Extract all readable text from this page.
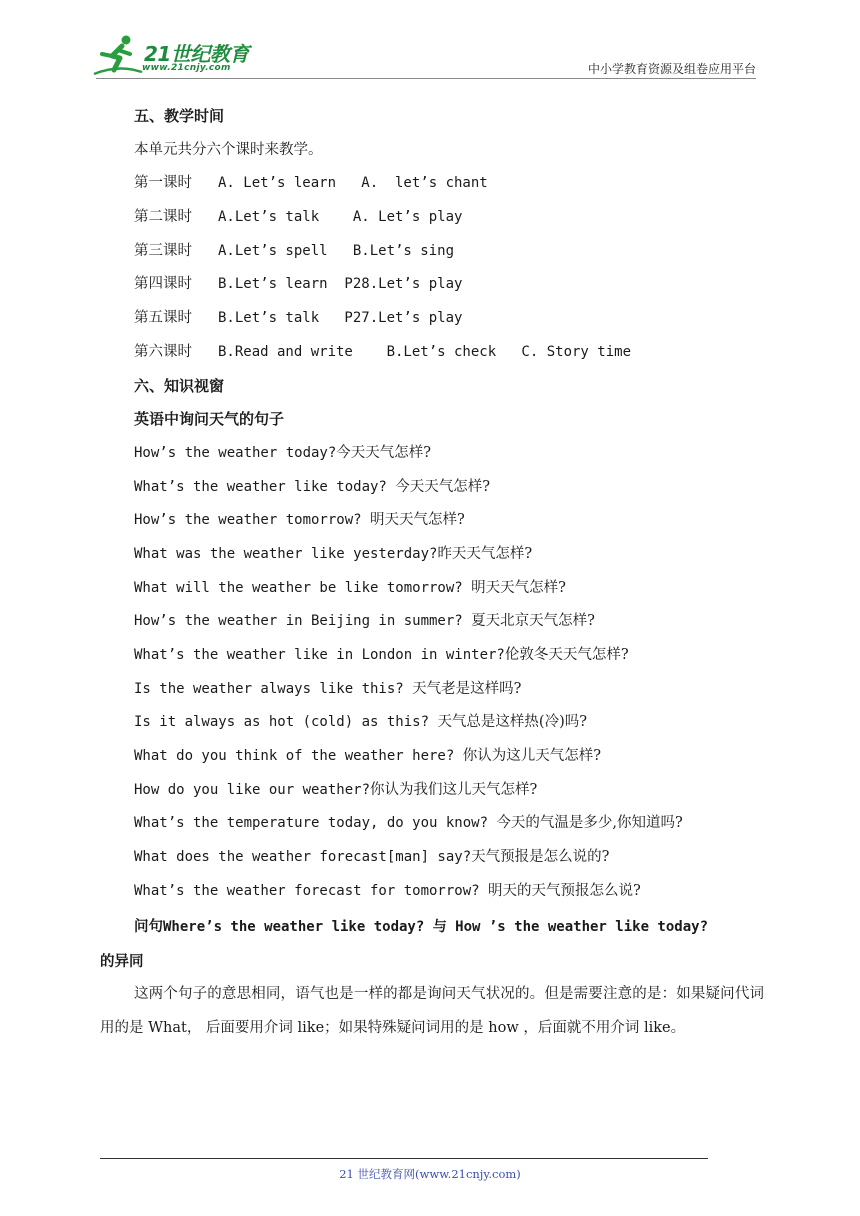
21世纪教育
www.21cnjy.com	中小学教育资源及组卷应用平台
五、教学时间
本单元共分六个课时来教学。
第一课时 A. Let’s learn   A.  let’s chant
第二课时 A.Let’s talk    A. Let’s play
第三课时 A.Let’s spell   B.Let’s sing
第四课时 B.Let’s learn  P28.Let’s play
第五课时 B.Let’s talk   P27.Let’s play
第六课时 B.Read and write    B.Let’s check   C. Story time
六、知识视窗
英语中询问天气的句子
How’s the weather today?今天天气怎样?
What’s the weather like today? 今天天气怎样?
How’s the weather tomorrow? 明天天气怎样?
What was the weather like yesterday?昨天天气怎样?
What will the weather be like tomorrow? 明天天气怎样?
How’s the weather in Beijing in summer? 夏天北京天气怎样?
What’s the weather like in London in winter?伦敦冬天天气怎样?
Is the weather always like this? 天气老是这样吗?
Is it always as hot (cold) as this? 天气总是这样热(冷)吗?
What do you think of the weather here? 你认为这儿天气怎样?
How do you like our weather?你认为我们这儿天气怎样?
What’s the temperature today, do you know? 今天的气温是多少,你知道吗?
What does the weather forecast[man] say?天气预报是怎么说的?
What’s the weather forecast for tomorrow? 明天的天气预报怎么说?
问句Where’s the weather like today? 与 How ’s the weather like today?
的异同
这两个句子的意思相同，语气也是一样的都是询问天气状况的。但是需要注意的是：如果疑问代词用的是 What， 后面要用介词 like；如果特殊疑问词用的是 how ，后面就不用介词 like。
21 世纪教育网(www.21cnjy.com)
